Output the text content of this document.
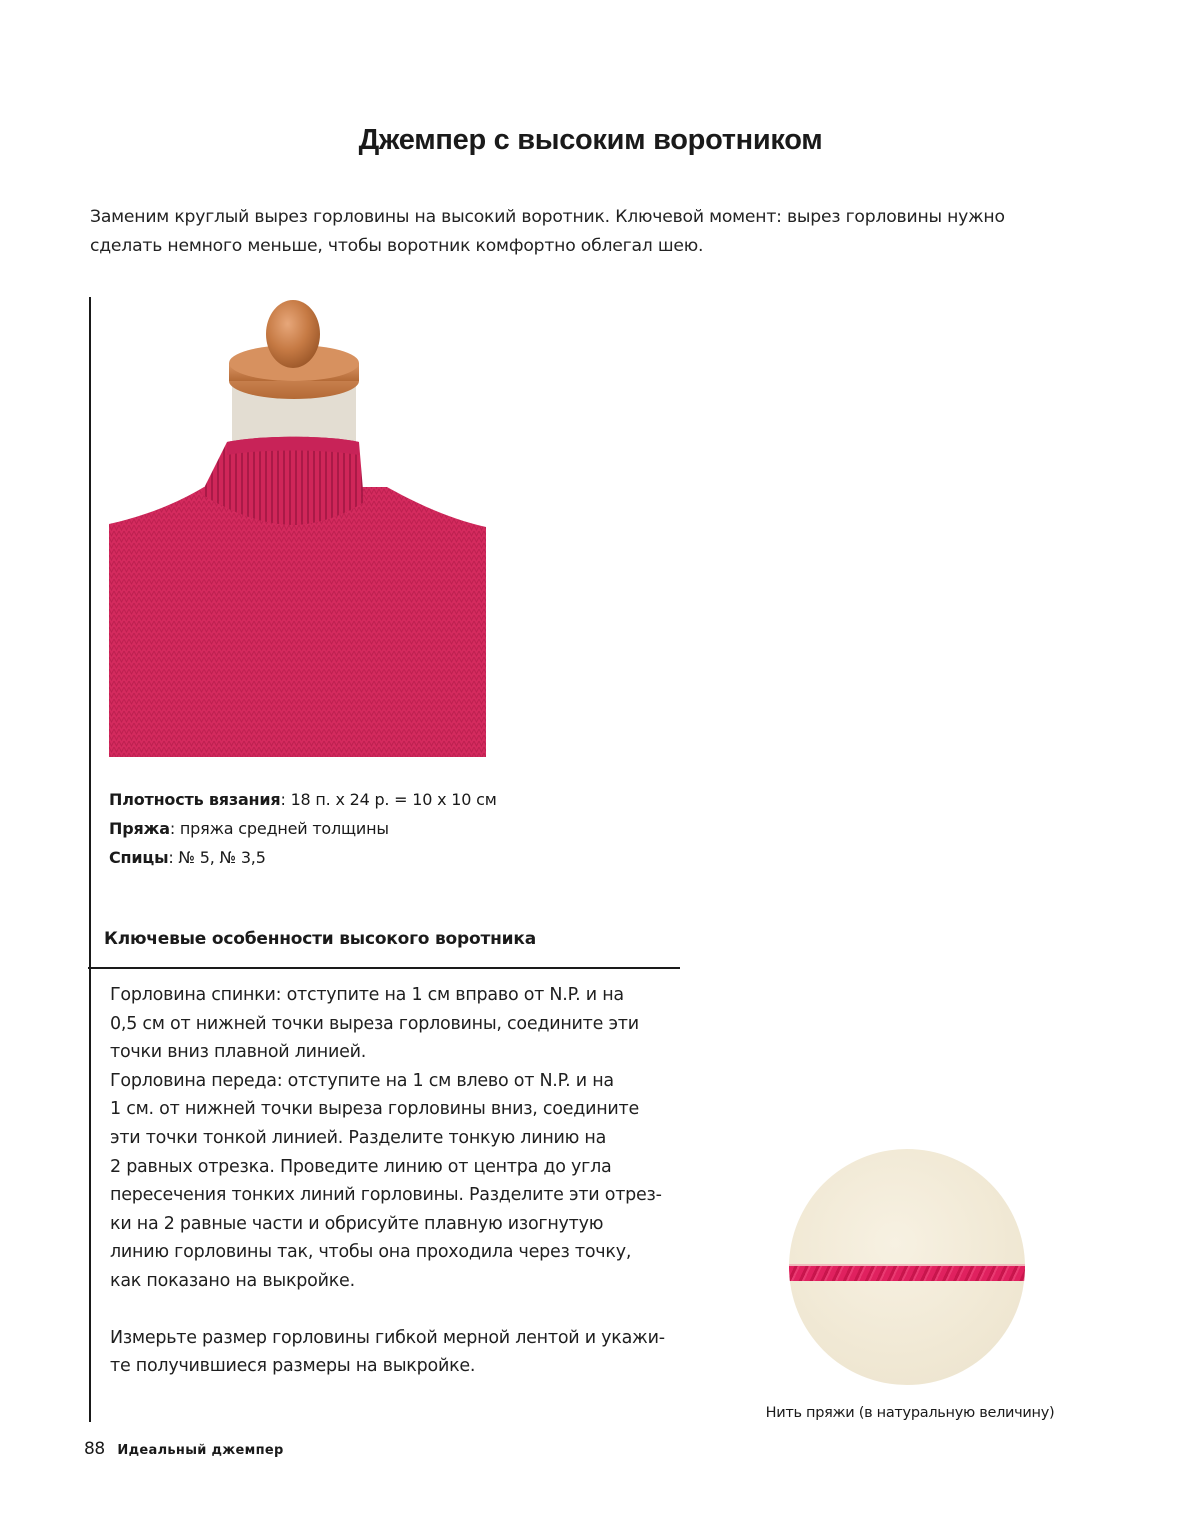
Джемпер с высоким воротником

Заменим круглый вырез горловины на высокий воротник. Ключевой момент: вырез горловины нужно

сделать немного меньше, чтобы воротник комфортно облегал шею.

Плотность вязания: 18 п. x 24 р. = 10 x 10 см
Пряжа: пряжа средней толщины
Спицы: № 5, № 3,5
Ключевые особенности высокого воротника
Горловина спинки: отступите на 1 см вправо от N.P. и на
0,5 см от нижней точки выреза горловины, соедините эти
точки вниз плавной линией.
Горловина переда: отступите на 1 см влево от N.P. и на
1 см. от нижней точки выреза горловины вниз, соедините
эти точки тонкой линией. Разделите тонкую линию на
2 равных отрезка. Проведите линию от центра до угла
пересечения тонких линий горловины. Разделите эти отрез-
ки на 2 равные части и обрисуйте плавную изогнутую
линию горловины так, чтобы она проходила через точку,
как показано на выкройке.
Измерьте размер горловины гибкой мерной лентой и укажи-
те получившиеся размеры на выкройке.
Нить пряжи (в натуральную величину)
88 Идеальный джемпер
